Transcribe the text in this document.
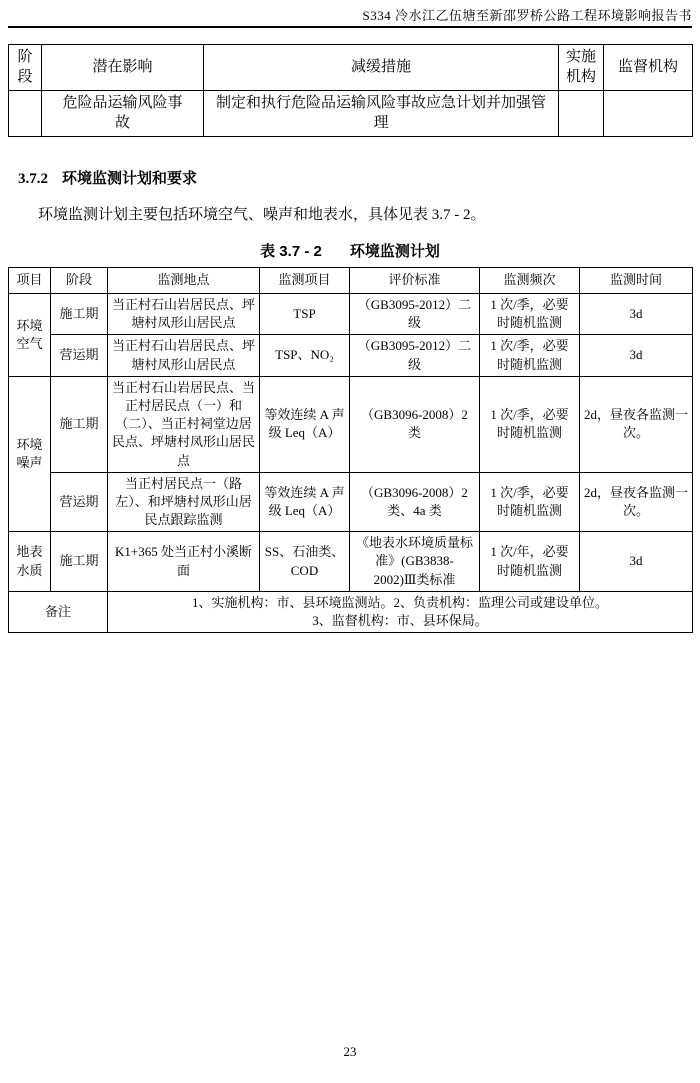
S334 冷水江乙伍塘至新邵罗桥公路工程环境影响报告书
阶段	潜在影响	减缓措施	实施机构	监督机构
	危险品运输风险事故	制定和执行危险品运输风险事故应急计划并加强管理		
3.7.2 环境监测计划和要求

环境监测计划主要包括环境空气、噪声和地表水，具体见表 3.7 - 2。

表 3.7 - 2 环境监测计划
项目	阶段	监测地点	监测项目	评价标准	监测频次	监测时间
环境空气	施工期	当正村石山岩居民点、坪塘村凤形山居民点	TSP	（GB3095-2012）二级	1 次/季，必要时随机监测	3d
	营运期	当正村石山岩居民点、坪塘村凤形山居民点	TSP、NO₂	（GB3095-2012）二级	1 次/季，必要时随机监测	3d
环境噪声	施工期	当正村石山岩居民点、当正村居民点（一）和（二）、当正村祠堂边居民点、坪塘村凤形山居民点	等效连续 A 声级 Leq（A）	（GB3096-2008）2 类	1 次/季，必要时随机监测	2d，昼夜各监测一次。
	营运期	当正村居民点一（路左）、和坪塘村凤形山居民点跟踪监测	等效连续 A 声级 Leq（A）	（GB3096-2008）2 类、4a 类	1 次/季，必要时随机监测	2d，昼夜各监测一次。
地表水质	施工期	K1+365 处当正村小溪断面	SS、石油类、COD	《地表水环境质量标准》(GB3838-2002)Ⅲ类标准	1 次/年，必要时随机监测	3d
备注		1、实施机构：市、县环境监测站。2、负责机构：监理公司或建设单位。
3、监督机构：市、县环保局。				
23
